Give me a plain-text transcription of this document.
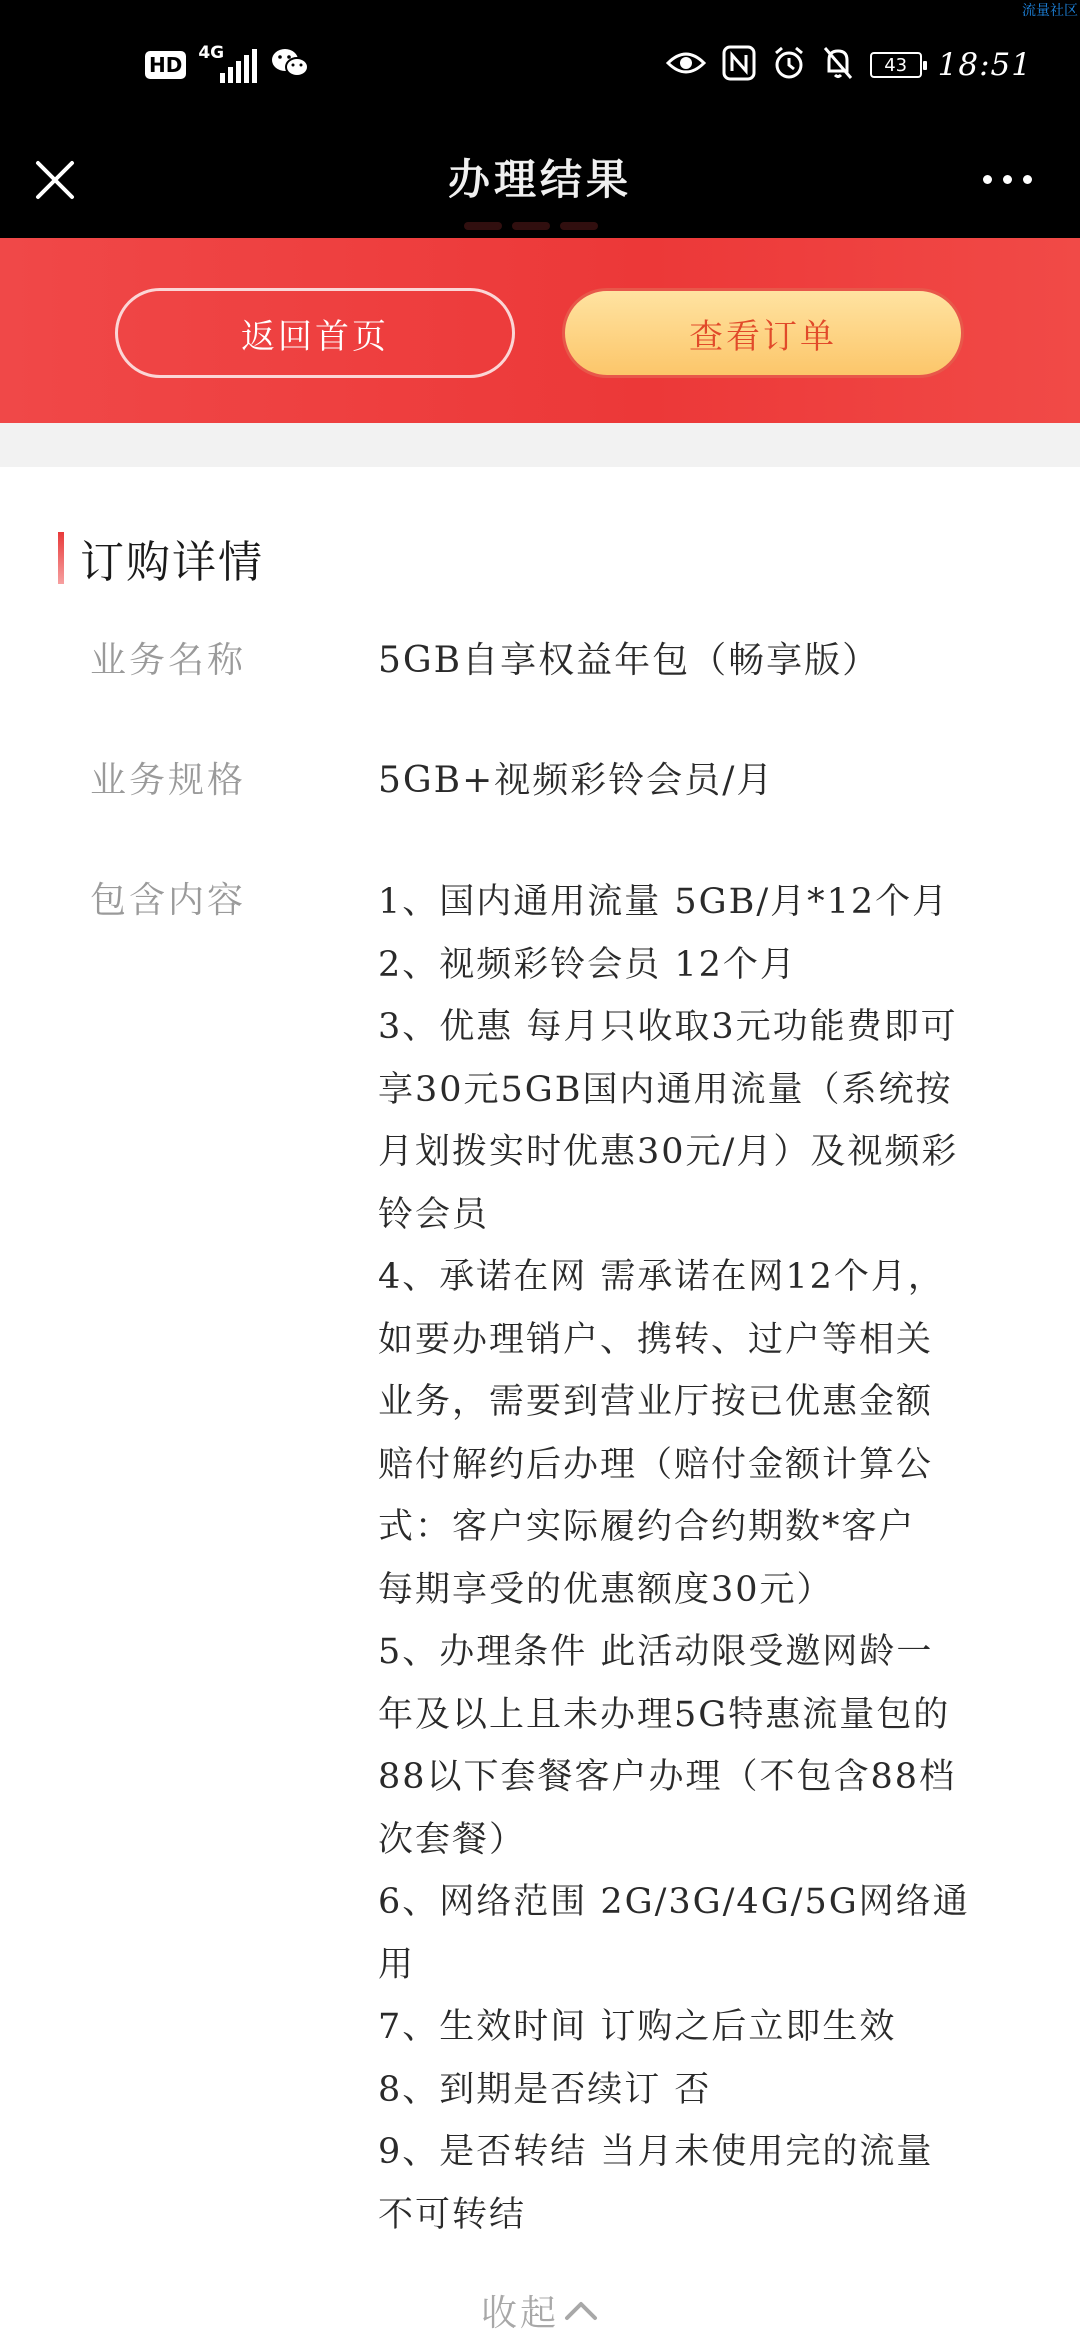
HD 4G
43 18:51
流量社区
办理结果
返回首页	查看订单
订购详情
业务名称	5GB自享权益年包（畅享版）
业务规格	5GB+视频彩铃会员/月
包含内容	1、国内通用流量 5GB/月*12个月
2、视频彩铃会员 12个月
3、优惠 每月只收取3元功能费即可
享30元5GB国内通用流量（系统按
月划拨实时优惠30元/月）及视频彩
铃会员
4、承诺在网 需承诺在网12个月，
如要办理销户、携转、过户等相关
业务，需要到营业厅按已优惠金额
赔付解约后办理（赔付金额计算公
式：客户实际履约合约期数*客户
每期享受的优惠额度30元）
5、办理条件 此活动限受邀网龄一
年及以上且未办理5G特惠流量包的
88以下套餐客户办理（不包含88档
次套餐）
6、网络范围 2G/3G/4G/5G网络通
用
7、生效时间 订购之后立即生效
8、到期是否续订 否
9、是否转结 当月未使用完的流量
不可转结
收起
